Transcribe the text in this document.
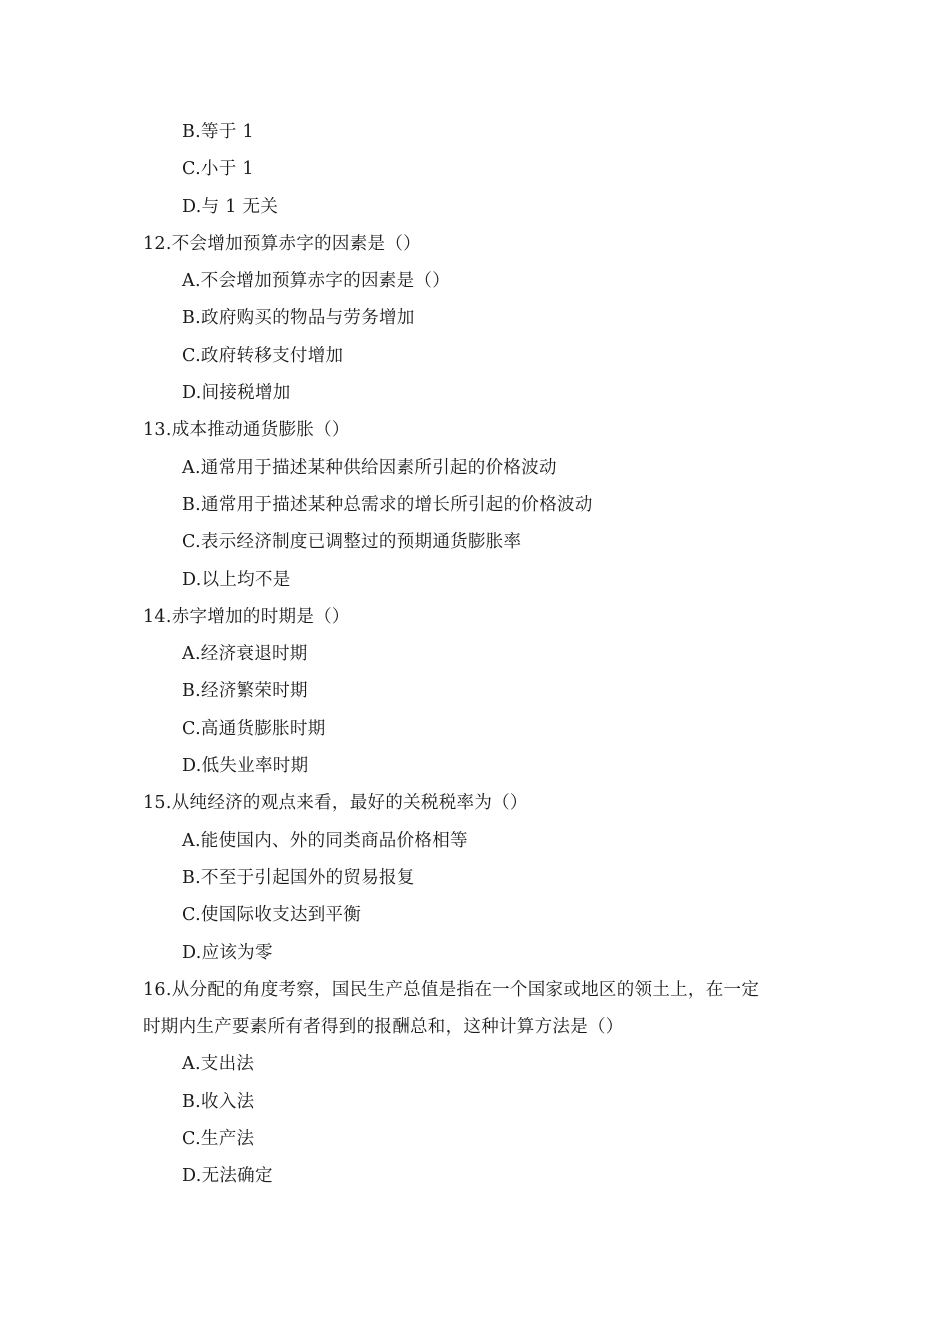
B.等于 1
C.小于 1
D.与 1 无关
12.不会增加预算赤字的因素是（）
A.不会增加预算赤字的因素是（）
B.政府购买的物品与劳务增加
C.政府转移支付增加
D.间接税增加
13.成本推动通货膨胀（）
A.通常用于描述某种供给因素所引起的价格波动
B.通常用于描述某种总需求的增长所引起的价格波动
C.表示经济制度已调整过的预期通货膨胀率
D.以上均不是
14.赤字增加的时期是（）
A.经济衰退时期
B.经济繁荣时期
C.高通货膨胀时期
D.低失业率时期
15.从纯经济的观点来看，最好的关税税率为（）
A.能使国内、外的同类商品价格相等
B.不至于引起国外的贸易报复
C.使国际收支达到平衡
D.应该为零
16.从分配的角度考察，国民生产总值是指在一个国家或地区的领土上，在一定
时期内生产要素所有者得到的报酬总和，这种计算方法是（）
A.支出法
B.收入法
C.生产法
D.无法确定
